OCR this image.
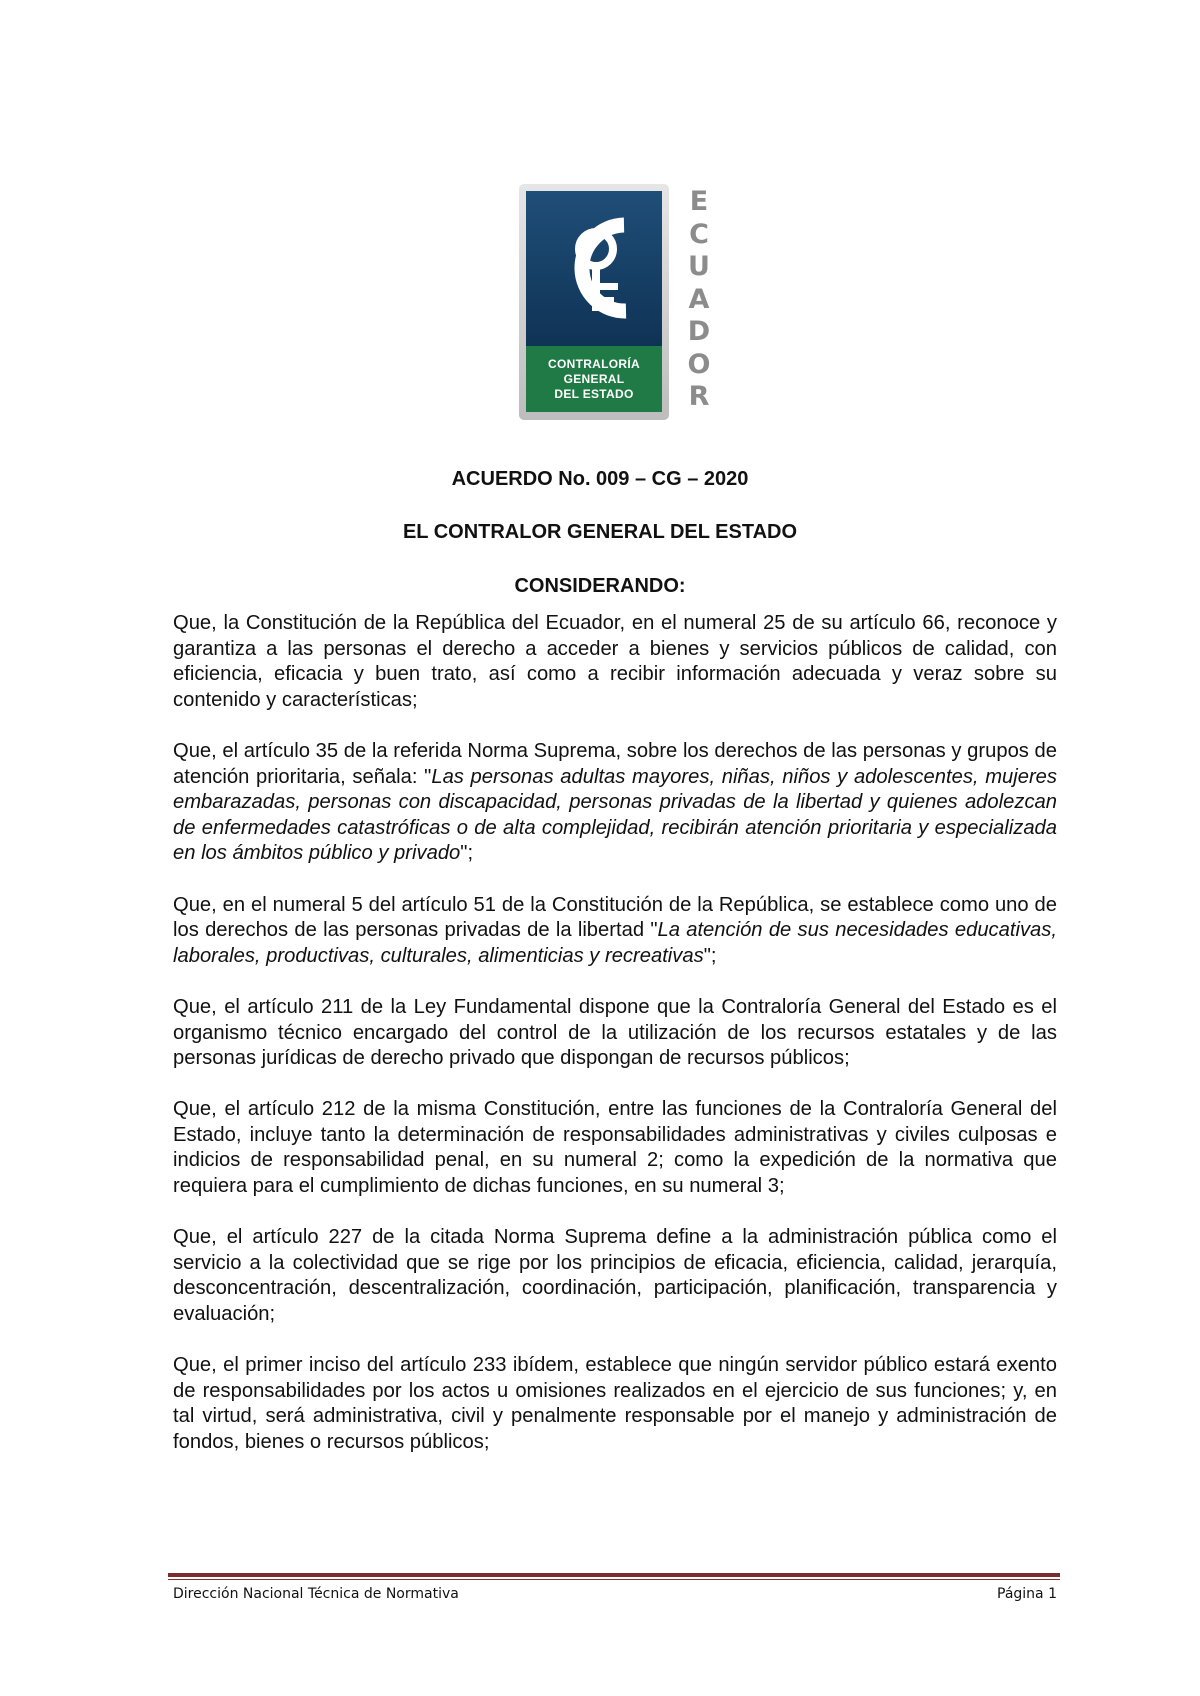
CONTRALORÍA
GENERAL
DEL ESTADO
E
C
U
A
D
O
R
ACUERDO No. 009 – CG – 2020
EL CONTRALOR GENERAL DEL ESTADO
CONSIDERANDO:

Que, la Constitución de la República del Ecuador, en el numeral 25 de su artículo 66, reconoce y garantiza a las personas el derecho a acceder a bienes y servicios públicos de calidad, con eficiencia, eficacia y buen trato, así como a recibir información adecuada y veraz sobre su contenido y características;

Que, el artículo 35 de la referida Norma Suprema, sobre los derechos de las personas y grupos de atención prioritaria, señala: "Las personas adultas mayores, niñas, niños y adolescentes, mujeres embarazadas, personas con discapacidad, personas privadas de la libertad y quienes adolezcan de enfermedades catastróficas o de alta complejidad, recibirán atención prioritaria y especializada en los ámbitos público y privado";

Que, en el numeral 5 del artículo 51 de la Constitución de la República, se establece como uno de los derechos de las personas privadas de la libertad "La atención de sus necesidades educativas, laborales, productivas, culturales, alimenticias y recreativas";

Que, el artículo 211 de la Ley Fundamental dispone que la Contraloría General del Estado es el organismo técnico encargado del control de la utilización de los recursos estatales y de las personas jurídicas de derecho privado que dispongan de recursos públicos;

Que, el artículo 212 de la misma Constitución, entre las funciones de la Contraloría General del Estado, incluye tanto la determinación de responsabilidades administrativas y civiles culposas e indicios de responsabilidad penal, en su numeral 2; como la expedición de la normativa que requiera para el cumplimiento de dichas funciones, en su numeral 3;

Que, el artículo 227 de la citada Norma Suprema define a la administración pública como el servicio a la colectividad que se rige por los principios de eficacia, eficiencia, calidad, jerarquía, desconcentración, descentralización, coordinación, participación, planificación, transparencia y evaluación;

Que, el primer inciso del artículo 233 ibídem, establece que ningún servidor público estará exento de responsabilidades por los actos u omisiones realizados en el ejercicio de sus funciones; y, en tal virtud, será administrativa, civil y penalmente responsable por el manejo y administración de fondos, bienes o recursos públicos;

Dirección Nacional Técnica de Normativa	Página 1
